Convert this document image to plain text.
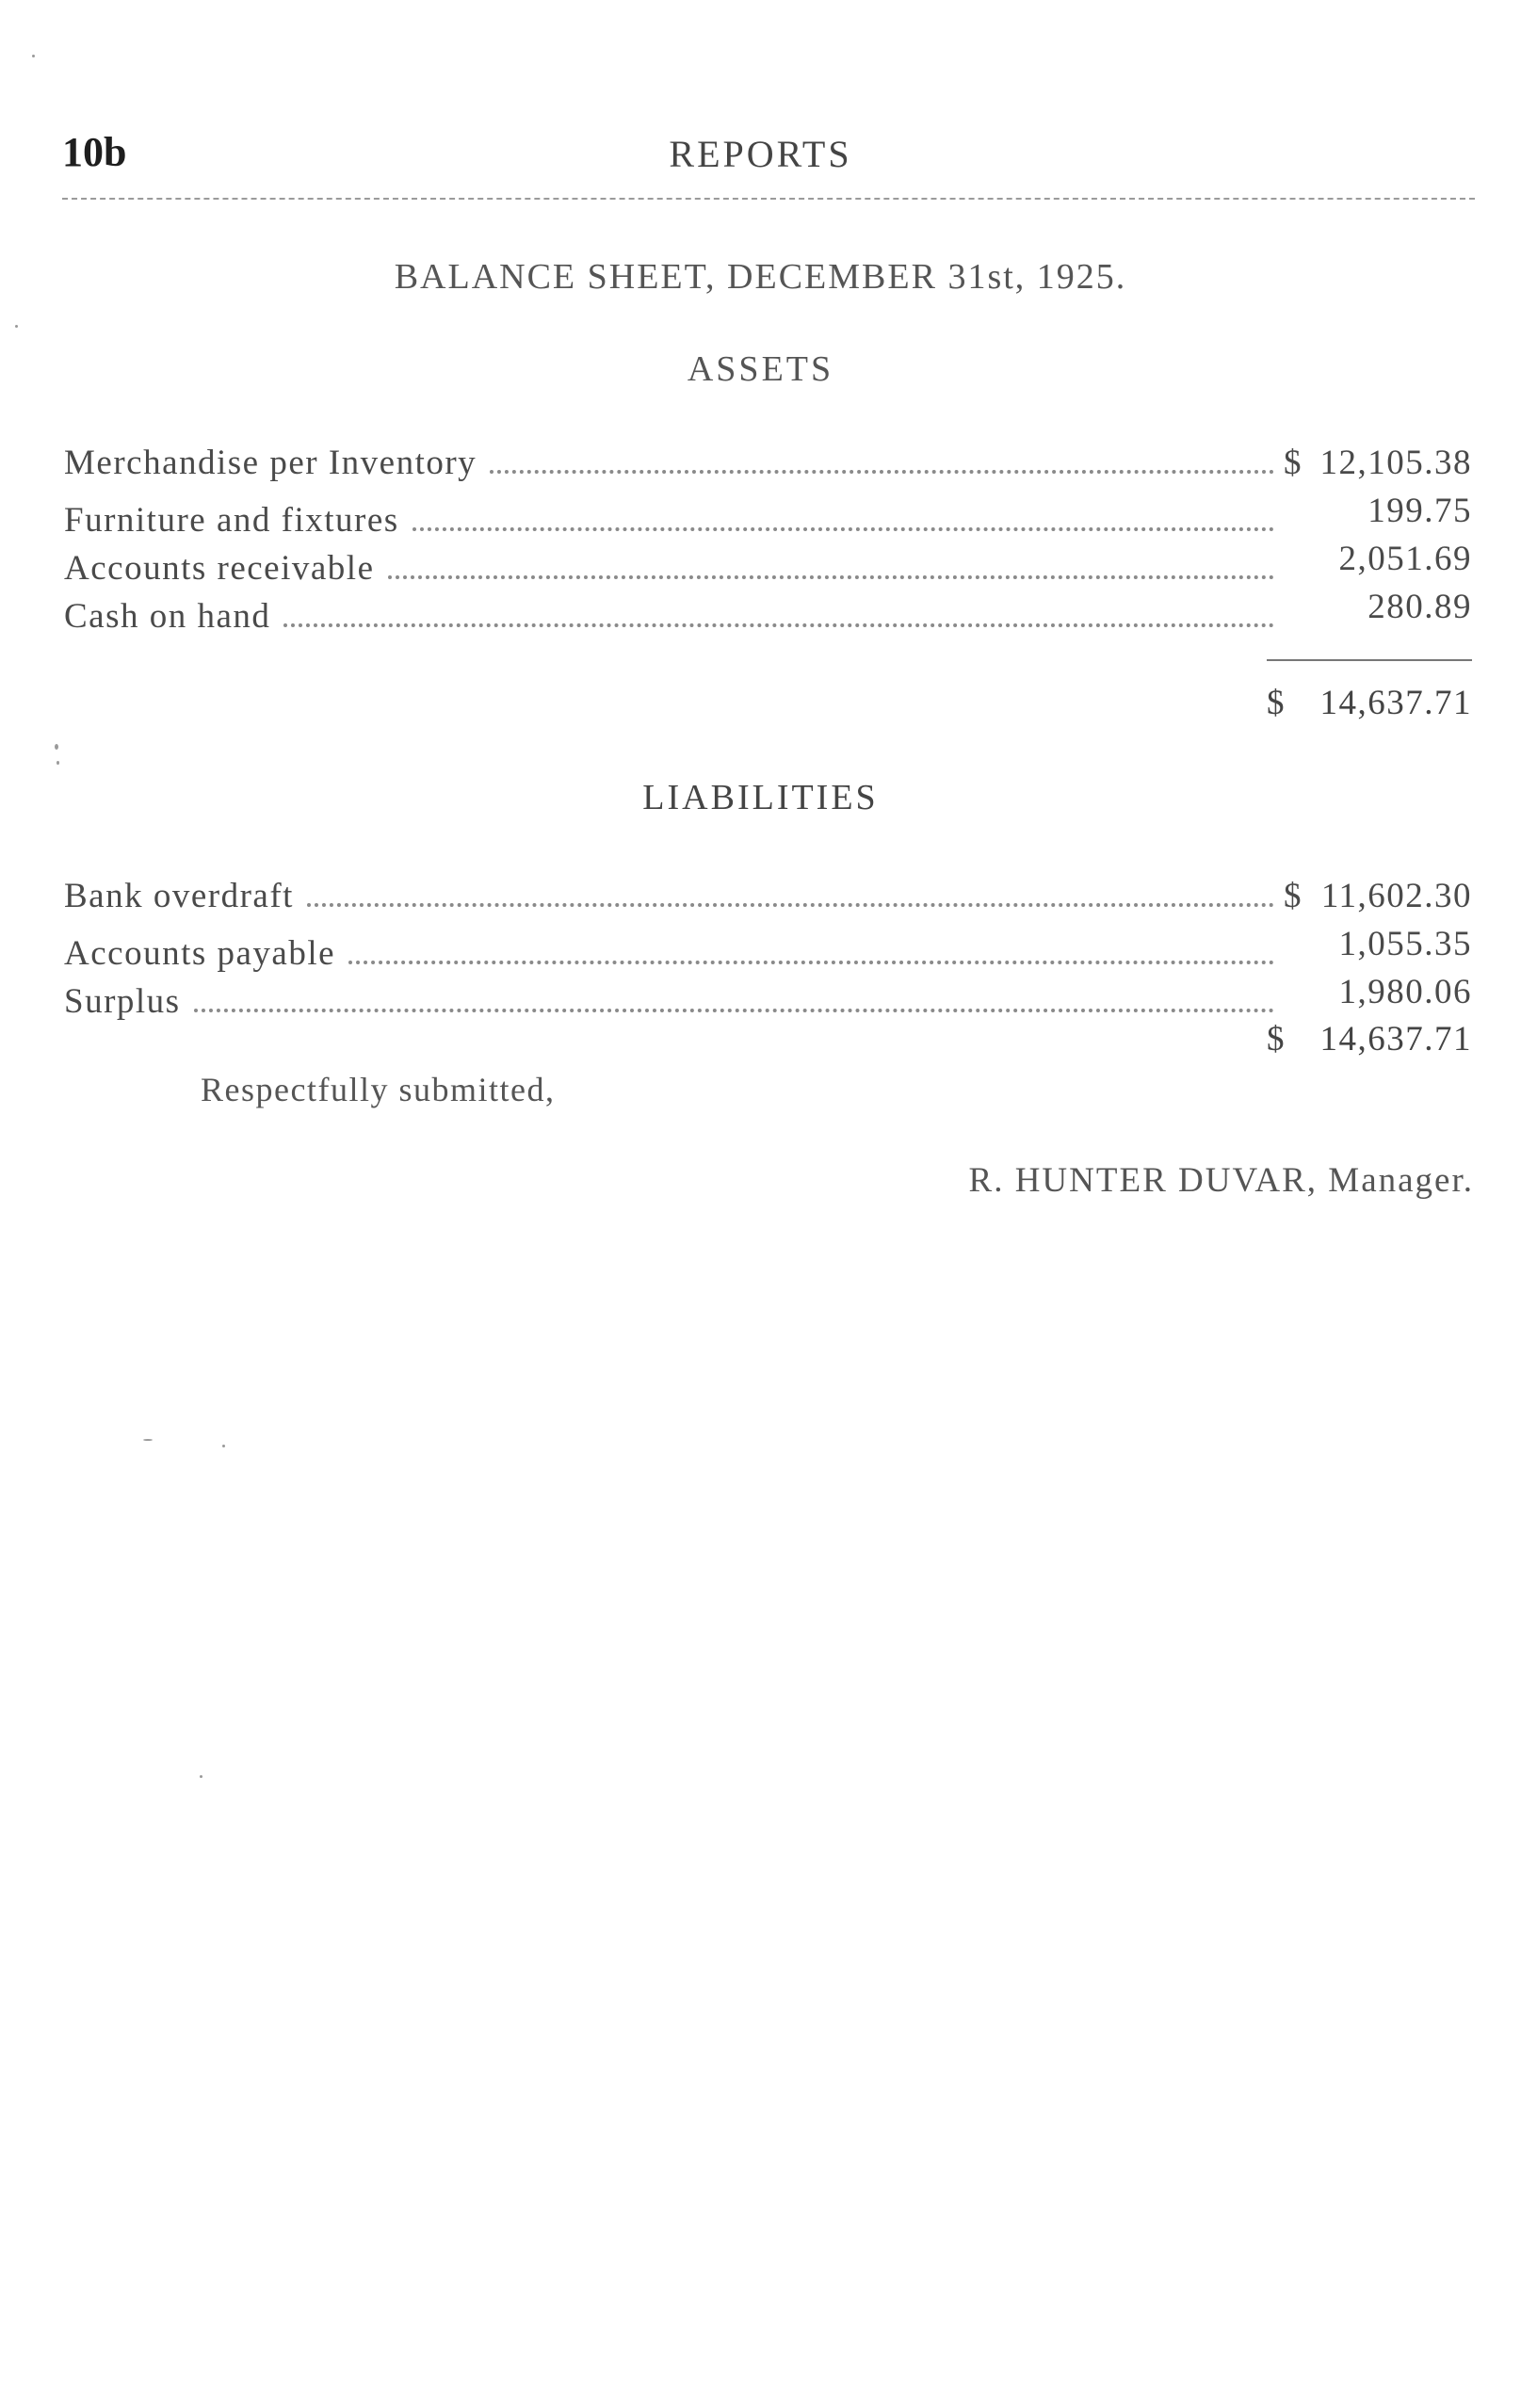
10b	REPORTS
BALANCE SHEET, DECEMBER 31st, 1925.
ASSETS
Merchandise per Inventory	$ 12,105.38
Furniture and fixtures	199.75
Accounts receivable	2,051.69
Cash on hand	280.89
$ 14,637.71
LIABILITIES
Bank overdraft	$ 11,602.30
Accounts payable	1,055.35
Surplus	1,980.06
$ 14,637.71
Respectfully submitted,
R. HUNTER DUVAR, Manager.
